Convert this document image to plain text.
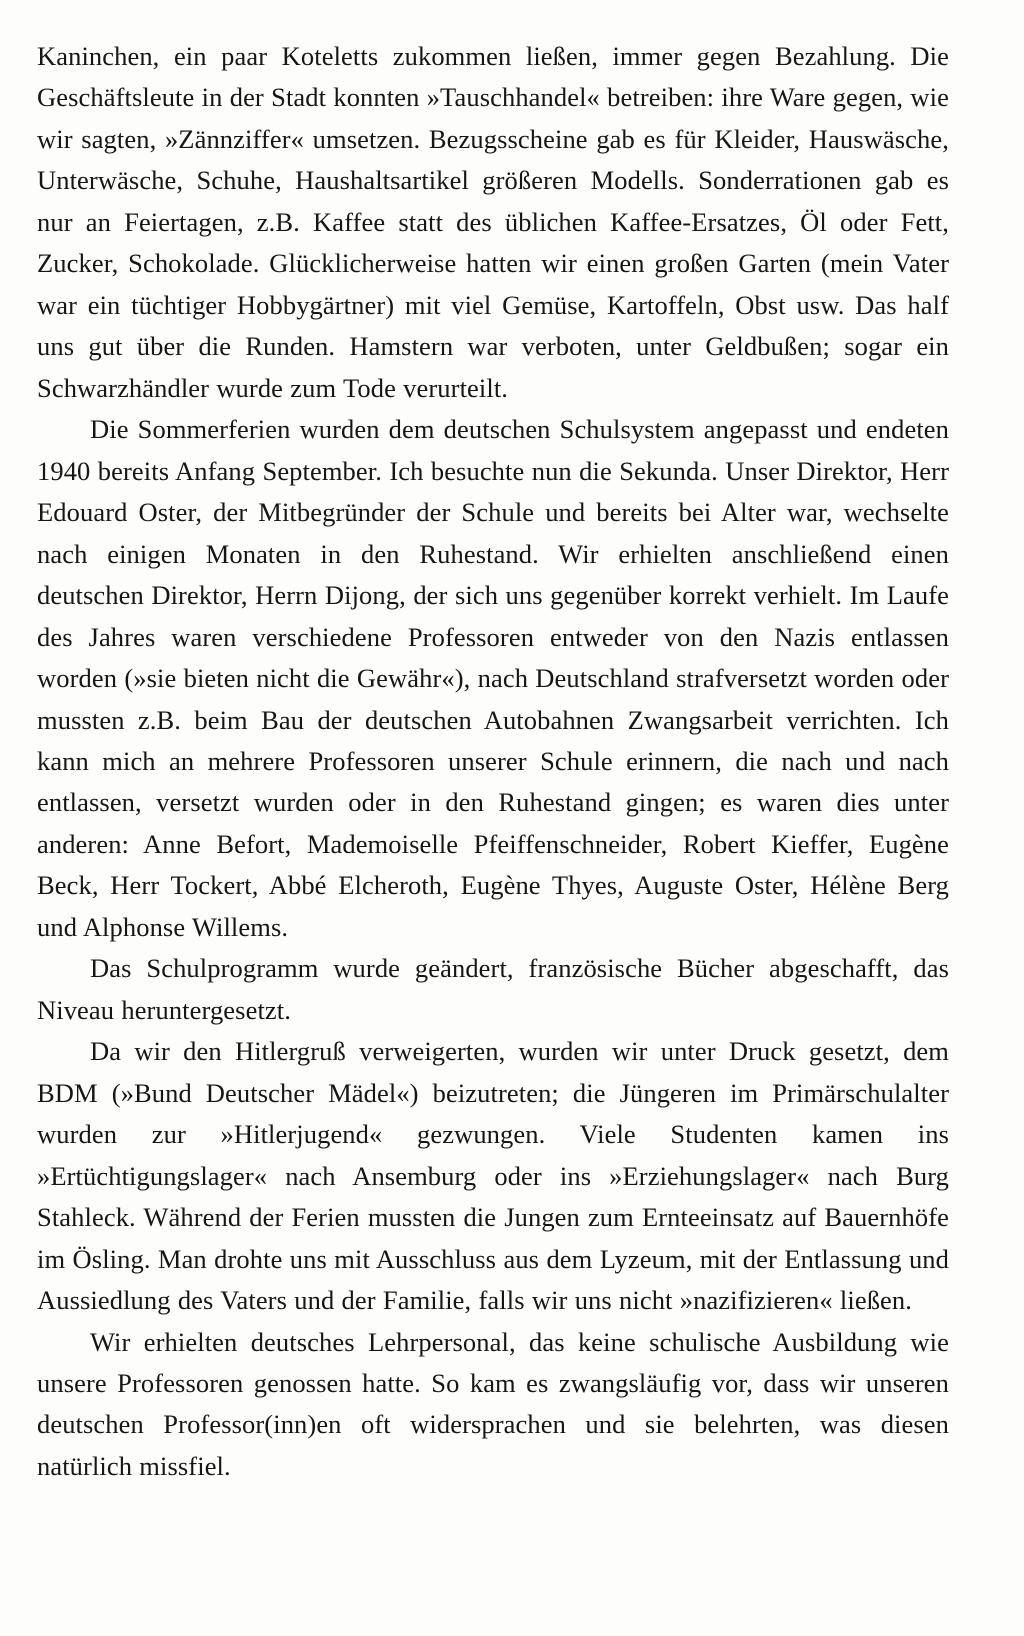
Kaninchen, ein paar Koteletts zukommen ließen, immer gegen Bezahlung. Die Geschäftsleute in der Stadt konnten »Tauschhandel« betreiben: ihre Ware gegen, wie wir sagten, »Zännziffer« umsetzen. Bezugsscheine gab es für Kleider, Hauswäsche, Unterwäsche, Schuhe, Haushaltsartikel größeren Modells. Sonderrationen gab es nur an Feiertagen, z.B. Kaffee statt des üblichen Kaffee-Ersatzes, Öl oder Fett, Zucker, Schokolade. Glücklicherweise hatten wir einen großen Garten (mein Vater war ein tüchtiger Hobbygärtner) mit viel Gemüse, Kartoffeln, Obst usw. Das half uns gut über die Runden. Hamstern war verboten, unter Geldbußen; sogar ein Schwarzhändler wurde zum Tode verurteilt.

Die Sommerferien wurden dem deutschen Schulsystem angepasst und endeten 1940 bereits Anfang September. Ich besuchte nun die Sekunda. Unser Direktor, Herr Edouard Oster, der Mitbegründer der Schule und bereits bei Alter war, wechselte nach einigen Monaten in den Ruhestand. Wir erhielten anschließend einen deutschen Direktor, Herrn Dijong, der sich uns gegenüber korrekt verhielt. Im Laufe des Jahres waren verschiedene Professoren entweder von den Nazis entlassen worden (»sie bieten nicht die Gewähr«), nach Deutschland strafversetzt worden oder mussten z.B. beim Bau der deutschen Autobahnen Zwangsarbeit verrichten. Ich kann mich an mehrere Professoren unserer Schule erinnern, die nach und nach entlassen, versetzt wurden oder in den Ruhestand gingen; es waren dies unter anderen: Anne Befort, Mademoiselle Pfeiffenschneider, Robert Kieffer, Eugène Beck, Herr Tockert, Abbé Elcheroth, Eugène Thyes, Auguste Oster, Hélène Berg und Alphonse Willems.

Das Schulprogramm wurde geändert, französische Bücher abgeschafft, das Niveau heruntergesetzt.

Da wir den Hitlergruß verweigerten, wurden wir unter Druck gesetzt, dem BDM (»Bund Deutscher Mädel«) beizutreten; die Jüngeren im Primärschulalter wurden zur »Hitlerjugend« gezwungen. Viele Studenten kamen ins »Ertüchtigungslager« nach Ansemburg oder ins »Erziehungslager« nach Burg Stahleck. Während der Ferien mussten die Jungen zum Ernteeinsatz auf Bauernhöfe im Ösling. Man drohte uns mit Ausschluss aus dem Lyzeum, mit der Entlassung und Aussiedlung des Vaters und der Familie, falls wir uns nicht »nazifizieren« ließen.

Wir erhielten deutsches Lehrpersonal, das keine schulische Ausbildung wie unsere Professoren genossen hatte. So kam es zwangsläufig vor, dass wir unseren deutschen Professor(inn)en oft widersprachen und sie belehrten, was diesen natürlich missfiel.
